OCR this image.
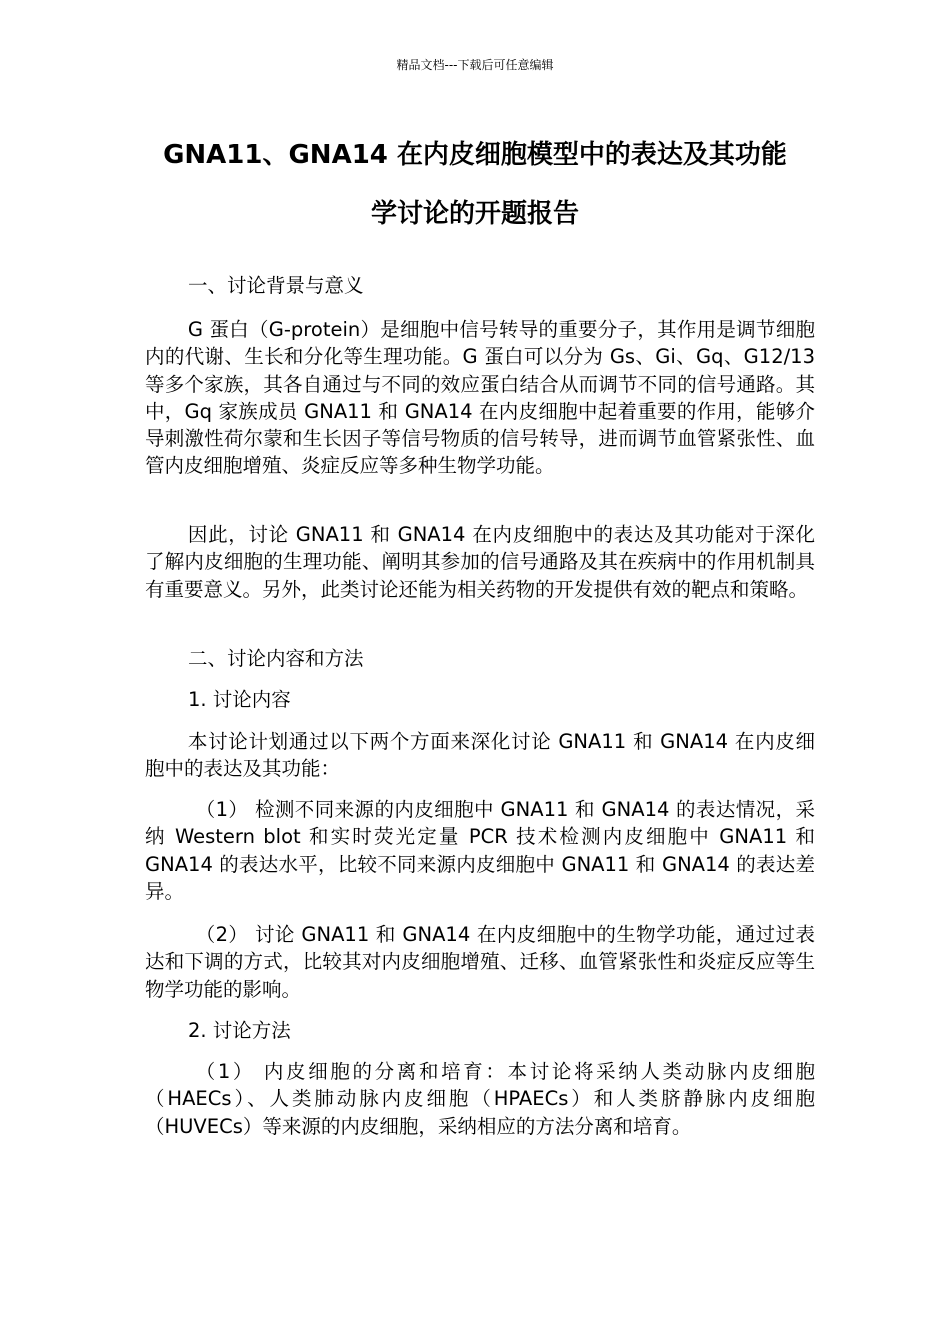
精品文档---下载后可任意编辑
GNA11、GNA14 在内皮细胞模型中的表达及其功能
学讨论的开题报告
一、讨论背景与意义

G 蛋白（G-protein）是细胞中信号转导的重要分子，其作用是调节细胞内的代谢、生长和分化等生理功能。G 蛋白可以分为 Gs、Gi、Gq、G12/13 等多个家族，其各自通过与不同的效应蛋白结合从而调节不同的信号通路。其中，Gq 家族成员 GNA11 和 GNA14 在内皮细胞中起着重要的作用，能够介导刺激性荷尔蒙和生长因子等信号物质的信号转导，进而调节血管紧张性、血管内皮细胞增殖、炎症反应等多种生物学功能。

因此，讨论 GNA11 和 GNA14 在内皮细胞中的表达及其功能对于深化了解内皮细胞的生理功能、阐明其参加的信号通路及其在疾病中的作用机制具有重要意义。另外，此类讨论还能为相关药物的开发提供有效的靶点和策略。

二、讨论内容和方法
1. 讨论内容

本讨论计划通过以下两个方面来深化讨论 GNA11 和 GNA14 在内皮细胞中的表达及其功能：

（1） 检测不同来源的内皮细胞中 GNA11 和 GNA14 的表达情况，采纳 Western blot 和实时荧光定量 PCR 技术检测内皮细胞中 GNA11 和 GNA14 的表达水平，比较不同来源内皮细胞中 GNA11 和 GNA14 的表达差异。

（2） 讨论 GNA11 和 GNA14 在内皮细胞中的生物学功能，通过过表达和下调的方式，比较其对内皮细胞增殖、迁移、血管紧张性和炎症反应等生物学功能的影响。

2. 讨论方法

（1） 内皮细胞的分离和培育：本讨论将采纳人类动脉内皮细胞（HAECs）、人类肺动脉内皮细胞（HPAECs）和人类脐静脉内皮细胞（HUVECs）等来源的内皮细胞，采纳相应的方法分离和培育。
